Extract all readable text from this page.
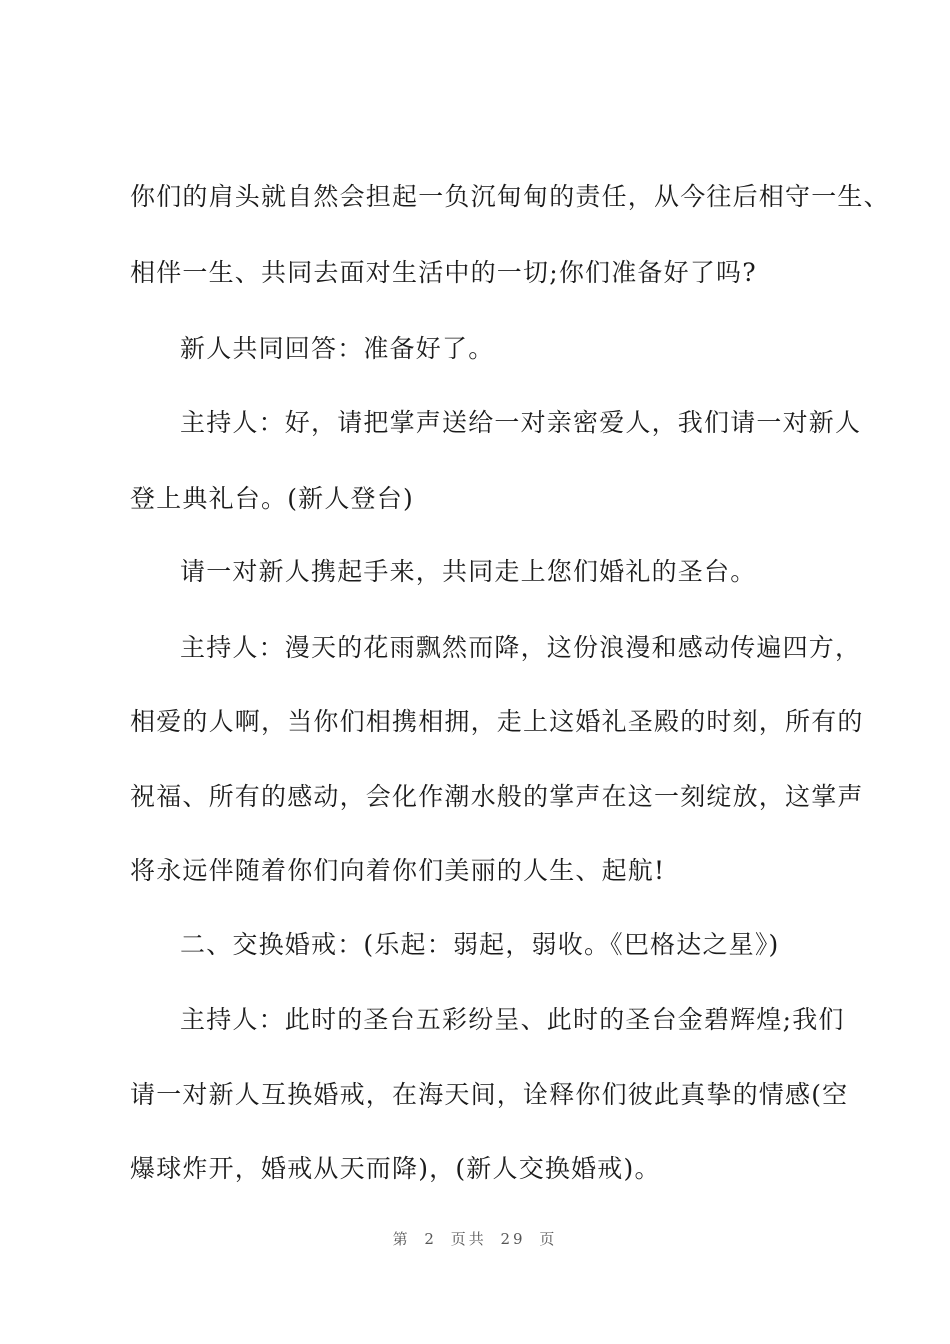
你们的肩头就自然会担起一负沉甸甸的责任，从今往后相守一生、
相伴一生、共同去面对生活中的一切;你们准备好了吗?
新人共同回答：准备好了。
主持人：好，请把掌声送给一对亲密爱人，我们请一对新人
登上典礼台。(新人登台)
请一对新人携起手来，共同走上您们婚礼的圣台。
主持人：漫天的花雨飘然而降，这份浪漫和感动传遍四方，
相爱的人啊，当你们相携相拥，走上这婚礼圣殿的时刻，所有的
祝福、所有的感动，会化作潮水般的掌声在这一刻绽放，这掌声
将永远伴随着你们向着你们美丽的人生、起航!
二、交换婚戒：(乐起：弱起，弱收。《巴格达之星》)
主持人：此时的圣台五彩纷呈、此时的圣台金碧辉煌;我们
请一对新人互换婚戒，在海天间，诠释你们彼此真挚的情感(空
爆球炸开，婚戒从天而降)，(新人交换婚戒)。
第 2 页共 29 页
